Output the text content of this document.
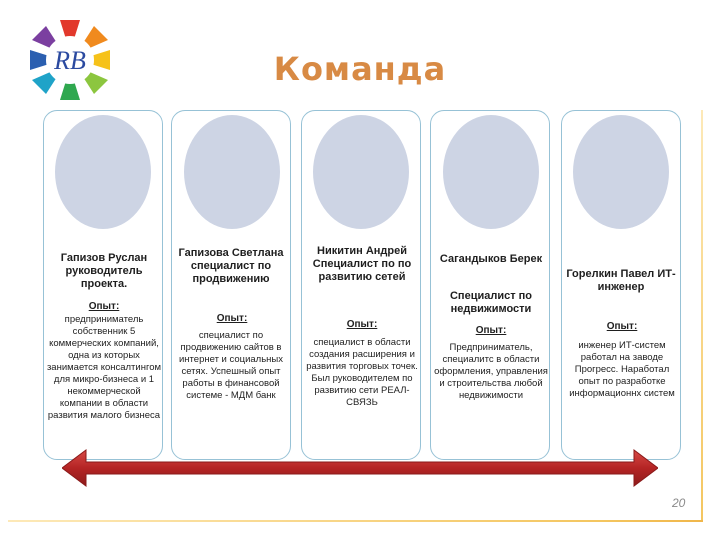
RB	Команда
Гапизов Руслан руководитель проекта.
Опыт:
предприниматель собственник 5 коммерческих компаний, одна из которых занимается консалтингом для микро-бизнеса и 1 некоммерческой компании в области развития малого бизнеса
Гапизова Светлана специалист по продвижению
Опыт:
специалист по продвижению сайтов в интернет и социальных сетях. Успешный опыт работы в финансовой системе - МДМ банк
Никитин Андрей Специалист по по развитию сетей
Опыт:
специалист в области создания расширения и развития торговых точек. Был руководителем по развитию сети РЕАЛ-СВЯЗЬ
Сагандыков Берек
Специалист по недвижимости
Опыт:
Предприниматель, специалитс в области оформления, управления и строительства любой недвижимости
Горелкин Павел ИТ-инженер
Опыт:
инженер ИТ-систем работал на заводе Прогресс. Наработал опыт по разработке информационнх систем
20
